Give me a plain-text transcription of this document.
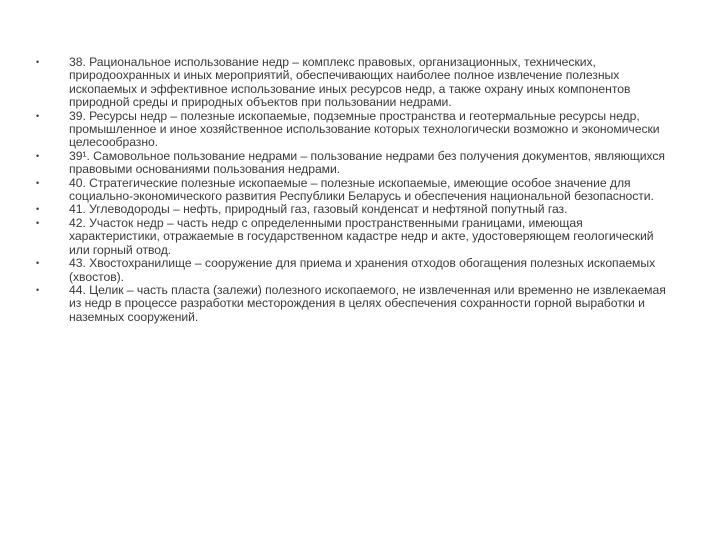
• 38. Рациональное использование недр – комплекс правовых, организационных, технических, природоохранных и иных мероприятий, обеспечивающих наиболее полное извлечение полезных ископаемых и эффективное использование иных ресурсов недр, а также охрану иных компонентов природной среды и природных объектов при пользовании недрами.
• 39. Ресурсы недр – полезные ископаемые, подземные пространства и геотермальные ресурсы недр, промышленное и иное хозяйственное использование которых технологически возможно и экономически целесообразно.
• 39¹. Самовольное пользование недрами – пользование недрами без получения документов, являющихся правовыми основаниями пользования недрами.
• 40. Стратегические полезные ископаемые – полезные ископаемые, имеющие особое значение для социально-экономического развития Республики Беларусь и обеспечения национальной безопасности.
• 41. Углеводороды – нефть, природный газ, газовый конденсат и нефтяной попутный газ.
• 42. Участок недр – часть недр с определенными пространственными границами, имеющая характеристики, отражаемые в государственном кадастре недр и акте, удостоверяющем геологический или горный отвод.
• 43. Хвостохранилище – сооружение для приема и хранения отходов обогащения полезных ископаемых (хвостов).
• 44. Целик – часть пласта (залежи) полезного ископаемого, не извлеченная или временно не извлекаемая из недр в процессе разработки месторождения в целях обеспечения сохранности горной выработки и наземных сооружений.
